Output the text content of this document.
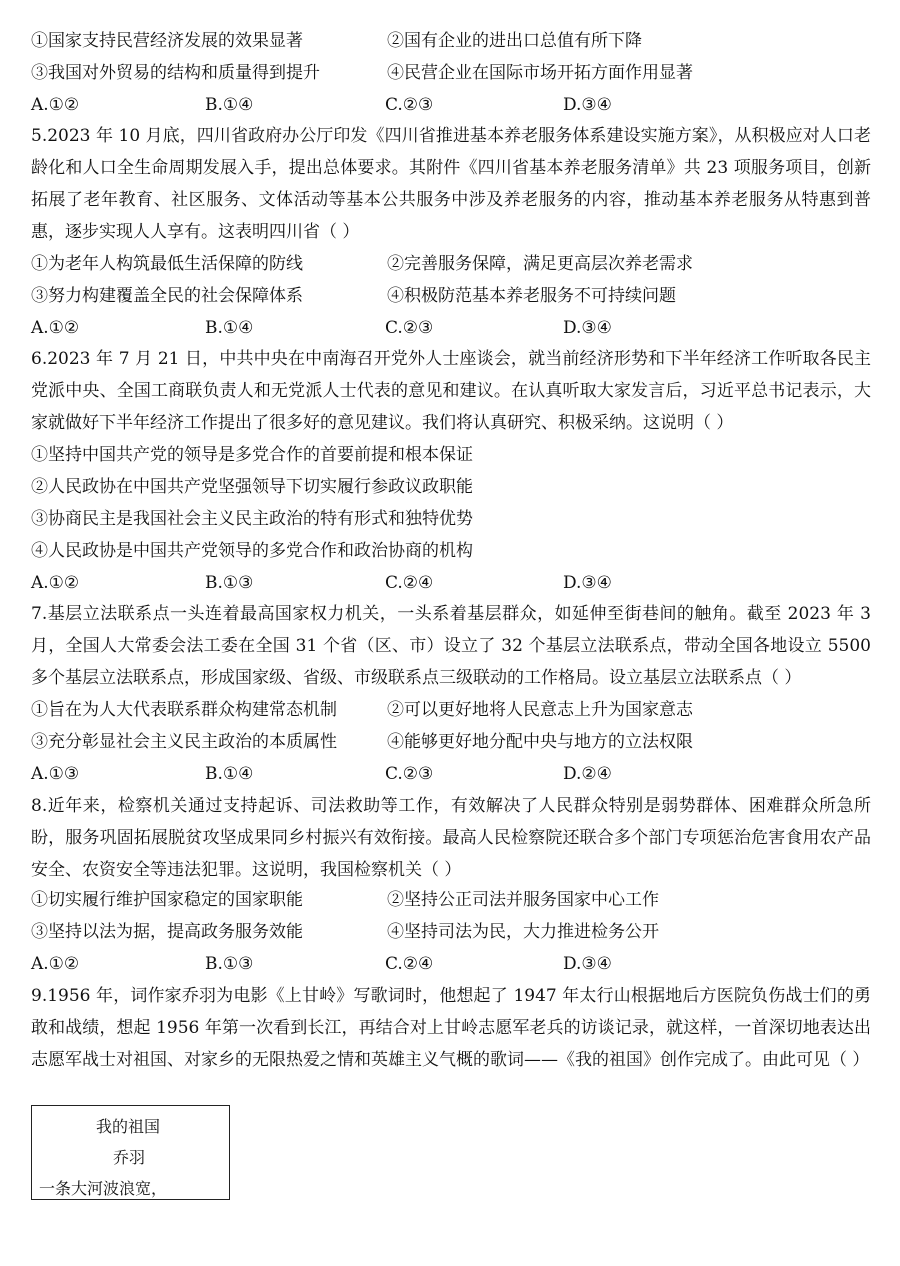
①国家支持民营经济发展的效果显著	②国有企业的进出口总值有所下降
③我国对外贸易的结构和质量得到提升	④民营企业在国际市场开拓方面作用显著
A.①②	B.①④	C.②③	D.③④
5.2023 年 10 月底，四川省政府办公厅印发《四川省推进基本养老服务体系建设实施方案》，从积极应对人口老龄化和人口全生命周期发展入手，提出总体要求。其附件《四川省基本养老服务清单》共 23 项服务项目，创新拓展了老年教育、社区服务、文体活动等基本公共服务中涉及养老服务的内容，推动基本养老服务从特惠到普惠，逐步实现人人享有。这表明四川省（ ）
①为老年人构筑最低生活保障的防线	②完善服务保障，满足更高层次养老需求
③努力构建覆盖全民的社会保障体系	④积极防范基本养老服务不可持续问题
A.①②	B.①④	C.②③	D.③④
6.2023 年 7 月 21 日，中共中央在中南海召开党外人士座谈会，就当前经济形势和下半年经济工作听取各民主党派中央、全国工商联负责人和无党派人士代表的意见和建议。在认真听取大家发言后，习近平总书记表示，大家就做好下半年经济工作提出了很多好的意见建议。我们将认真研究、积极采纳。这说明（ ）
①坚持中国共产党的领导是多党合作的首要前提和根本保证
②人民政协在中国共产党坚强领导下切实履行参政议政职能
③协商民主是我国社会主义民主政治的特有形式和独特优势
④人民政协是中国共产党领导的多党合作和政治协商的机构
A.①②	B.①③	C.②④	D.③④
7.基层立法联系点一头连着最高国家权力机关，一头系着基层群众，如延伸至街巷间的触角。截至 2023 年 3 月，全国人大常委会法工委在全国 31 个省（区、市）设立了 32 个基层立法联系点，带动全国各地设立 5500 多个基层立法联系点，形成国家级、省级、市级联系点三级联动的工作格局。设立基层立法联系点（ ）
①旨在为人大代表联系群众构建常态机制	②可以更好地将人民意志上升为国家意志
③充分彰显社会主义民主政治的本质属性	④能够更好地分配中央与地方的立法权限
A.①③	B.①④	C.②③	D.②④
8.近年来，检察机关通过支持起诉、司法救助等工作，有效解决了人民群众特别是弱势群体、困难群众所急所盼，服务巩固拓展脱贫攻坚成果同乡村振兴有效衔接。最高人民检察院还联合多个部门专项惩治危害食用农产品安全、农资安全等违法犯罪。这说明，我国检察机关（ ）
①切实履行维护国家稳定的国家职能	②坚持公正司法并服务国家中心工作
③坚持以法为据，提高政务服务效能	④坚持司法为民，大力推进检务公开
A.①②	B.①③	C.②④	D.③④
9.1956 年，词作家乔羽为电影《上甘岭》写歌词时，他想起了 1947 年太行山根据地后方医院负伤战士们的勇敢和战绩，想起 1956 年第一次看到长江，再结合对上甘岭志愿军老兵的访谈记录，就这样，一首深切地表达出志愿军战士对祖国、对家乡的无限热爱之情和英雄主义气概的歌词——《我的祖国》创作完成了。由此可见（ ）
我的祖国
乔羽
一条大河波浪宽，
